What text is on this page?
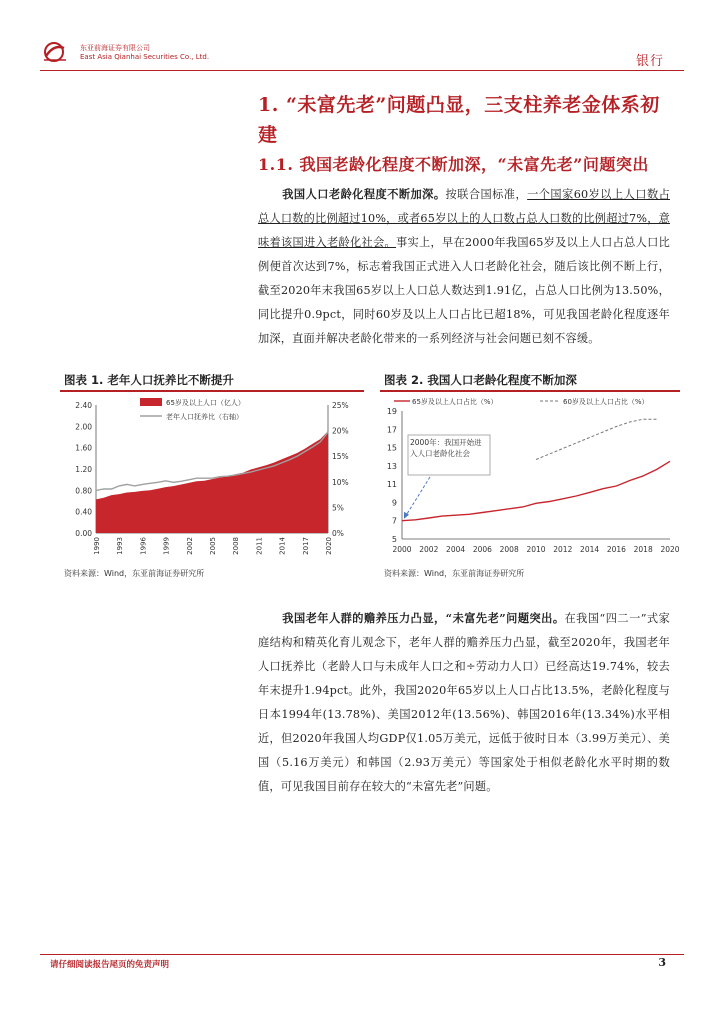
东亚前海证券有限公司
East Asia Qianhai Securities Co., Ltd.	银行
1. “未富先老”问题凸显，三支柱养老金体系初建
1.1. 我国老龄化程度不断加深，“未富先老”问题突出
我国人口老龄化程度不断加深。按联合国标准，一个国家60岁以上人口数占总人口数的比例超过10%，或者65岁以上的人口数占总人口数的比例超过7%，意味着该国进入老龄化社会。事实上，早在2000年我国65岁及以上人口占总人口比例便首次达到7%，标志着我国正式进入人口老龄化社会，随后该比例不断上行，截至2020年末我国65岁以上人口总人数达到1.91亿，占总人口比例为13.50%，同比提升0.9pct，同时60岁及以上人口占比已超18%，可见我国老龄化程度逐年加深，直面并解决老龄化带来的一系列经济与社会问题已刻不容缓。
图表 1. 老年人口抚养比不断提升
0.00
0.40
0.80
1.20
1.60
2.00
2.40
0%
5%
10%
15%
20%
25%
1990 1993 1996 1999 2002 2005 2008 2011 2014 2017 2020
65岁及以上人口（亿人）
老年人口抚养比（右轴）
资料来源：Wind，东亚前海证券研究所
图表 2. 我国人口老龄化程度不断加深
5
7
9
11
13
15
17
19
2000 2002 2004 2006 2008 2010 2012 2014 2016 2018 2020
65岁及以上人口占比（%）	60岁及以上人口占比（%）
2000年：我国开始进入人口老龄化社会
资料来源：Wind，东亚前海证券研究所
我国老年人群的赡养压力凸显，“未富先老”问题突出。在我国“四二一”式家庭结构和精英化育儿观念下，老年人群的赡养压力凸显，截至2020年，我国老年人口抚养比（老龄人口与未成年人口之和÷劳动力人口）已经高达19.74%，较去年末提升1.94pct。此外，我国2020年65岁以上人口占比13.5%，老龄化程度与日本1994年(13.78%)、美国2012年(13.56%)、韩国2016年(13.34%)水平相近，但2020年我国人均GDP仅1.05万美元，远低于彼时日本（3.99万美元）、美国（5.16万美元）和韩国（2.93万美元）等国家处于相似老龄化水平时期的数值，可见我国目前存在较大的“未富先老”问题。
请仔细阅读报告尾页的免责声明	3
